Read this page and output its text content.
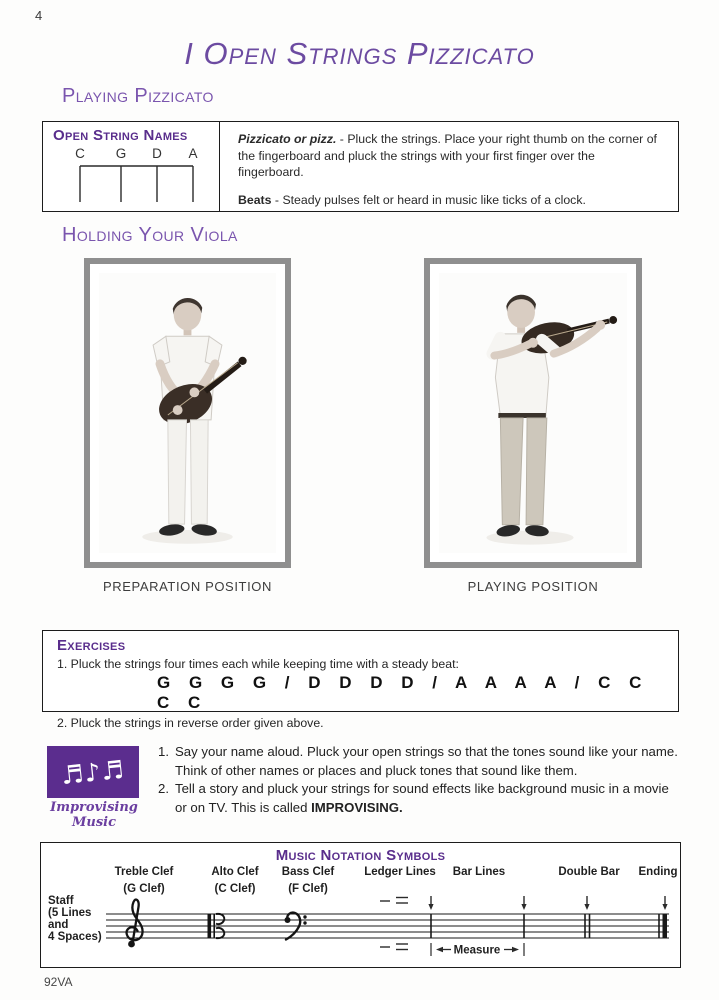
4
I Open Strings Pizzicato
Playing Pizzicato
Open String Names
C G D A

Pizzicato or pizz. - Pluck the strings. Place your right thumb on the corner of the fingerboard and pluck the strings with your first finger over the fingerboard.

Beats - Steady pulses felt or heard in music like ticks of a clock.

Holding Your Viola
PREPARATION POSITION	PLAYING POSITION
Exercises
1. Pluck the strings four times each while keeping time with a steady beat:
G G G G / D D D D / A A A A / C C C C
2. Pluck the strings in reverse order given above.
♬♪♬
Improvising Music
1. Say your name aloud. Pluck your open strings so that the tones sound like your name. Think of other names or places and pluck tones that sound like them.
2. Tell a story and pluck your strings for sound effects like background music in a movie or on TV. This is called IMPROVISING.
Music Notation Symbols
Treble Clef
(G Clef)
Alto Clef
(C Clef)
Bass Clef
(F Clef)
Ledger Lines Bar Lines	Double Bar Ending
Staff
(5 Lines
and
4 Spaces)
Measure
92VA
